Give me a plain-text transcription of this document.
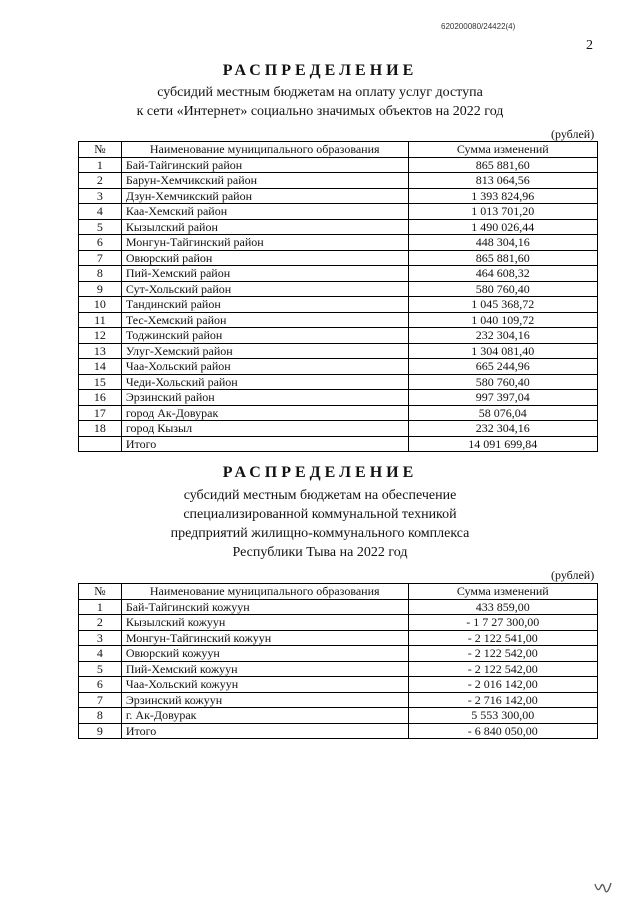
620200080/24422(4)
2
РАСПРЕДЕЛЕНИЕ
субсидий местным бюджетам на оплату услуг доступа
к сети «Интернет» социально значимых объектов на 2022 год
(рублей)
№	Наименование муниципального образования	Сумма изменений
1	Бай-Тайгинский район	865 881,60
2	Барун-Хемчикский район	813 064,56
3	Дзун-Хемчикский район	1 393 824,96
4	Каа-Хемский район	1 013 701,20
5	Кызылский район	1 490 026,44
6	Монгун-Тайгинский район	448 304,16
7	Овюрский район	865 881,60
8	Пий-Хемский район	464 608,32
9	Сут-Хольский район	580 760,40
10	Тандинский район	1 045 368,72
11	Тес-Хемский район	1 040 109,72
12	Тоджинский район	232 304,16
13	Улуг-Хемский район	1 304 081,40
14	Чаа-Хольский район	665 244,96
15	Чеди-Хольский район	580 760,40
16	Эрзинский район	997 397,04
17	город Ак-Довурак	58 076,04
18	город Кызыл	232 304,16
	Итого	14 091 699,84
РАСПРЕДЕЛЕНИЕ
субсидий местным бюджетам на обеспечение
специализированной коммунальной техникой
предприятий жилищно-коммунального комплекса
Республики Тыва на 2022 год
(рублей)
№	Наименование муниципального образования	Сумма изменений
1	Бай-Тайгинский кожуун	433 859,00
2	Кызылский кожуун	- 1 7 27 300,00
3	Монгун-Тайгинский кожуун	- 2 122 541,00
4	Овюрский кожуун	- 2 122 542,00
5	Пий-Хемский кожуун	- 2 122 542,00
6	Чаа-Хольский кожуун	- 2 016 142,00
7	Эрзинский кожуун	- 2 716 142,00
8	г. Ак-Довурак	5 553 300,00
9	Итого	- 6 840 050,00
